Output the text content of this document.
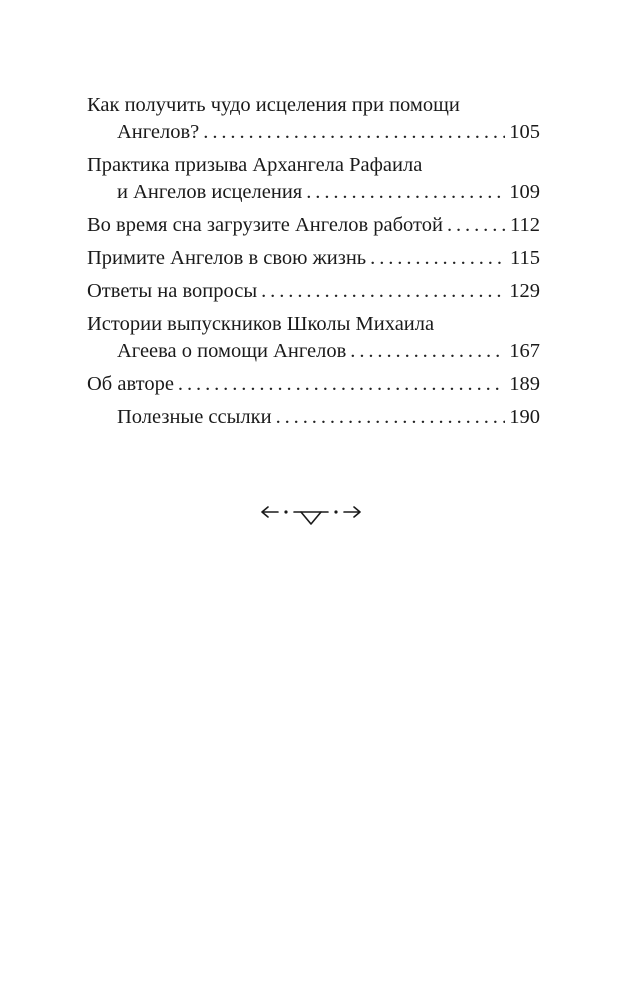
Как получить чудо исцеления при помощи
Ангелов? . . .	105
Практика призыва Архангела Рафаила
и Ангелов исцеления . . .	109
Во время сна загрузите Ангелов работой . . .	112
Примите Ангелов в свою жизнь . . .	115
Ответы на вопросы . . .	129
Истории выпускников Школы Михаила
Агеева о помощи Ангелов . . .	167
Об авторе . . .	189
Полезные ссылки . . .	190
